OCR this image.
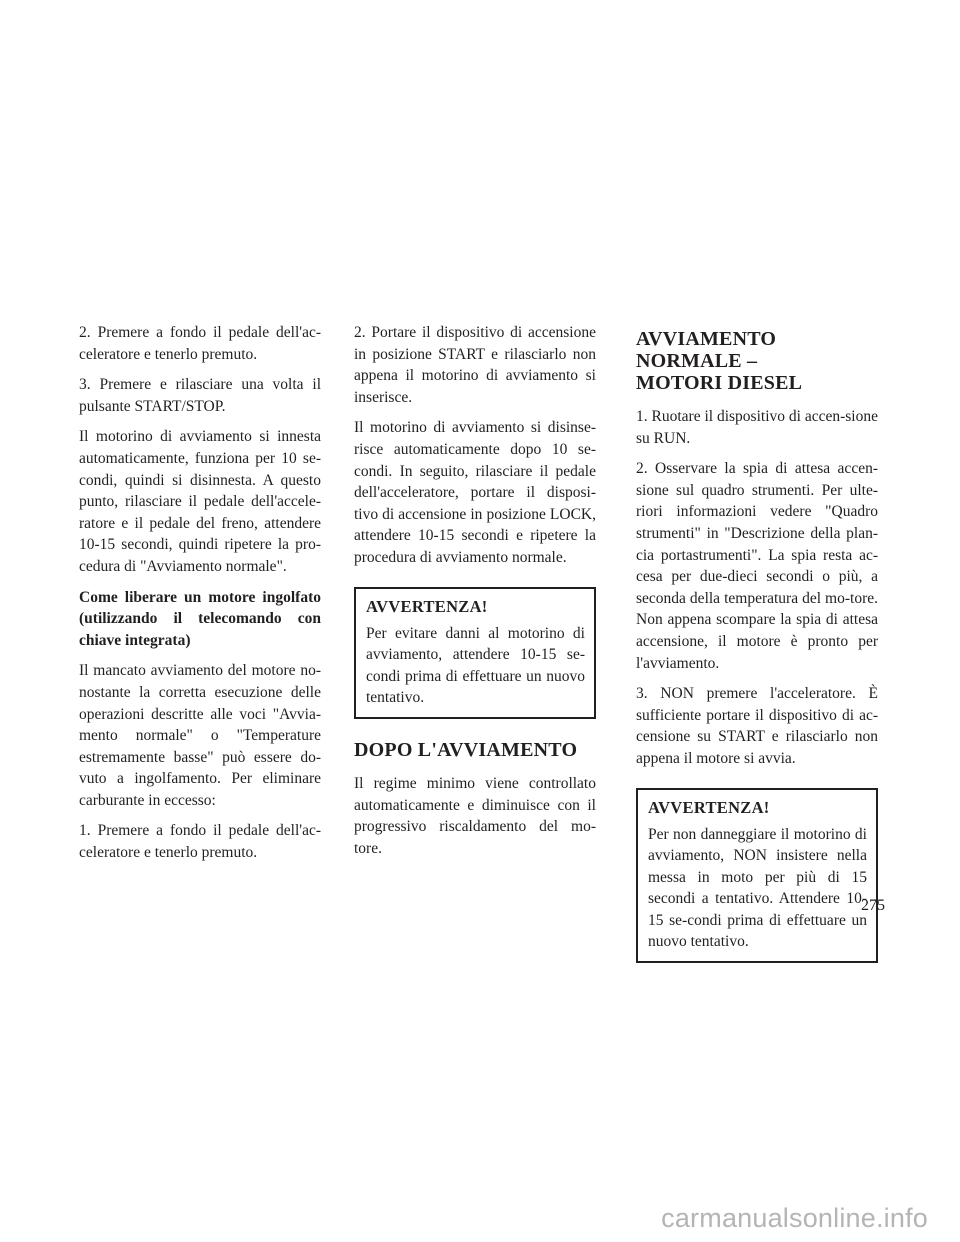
2. Premere a fondo il pedale dell'ac-celeratore e tenerlo premuto.

3. Premere e rilasciare una volta il pulsante START/STOP.

Il motorino di avviamento si innesta automaticamente, funziona per 10 se-condi, quindi si disinnesta. A questo punto, rilasciare il pedale dell'accele-ratore e il pedale del freno, attendere 10-15 secondi, quindi ripetere la pro-cedura di "Avviamento normale".

Come liberare un motore ingolfato (utilizzando il telecomando con chiave integrata)

Il mancato avviamento del motore no-nostante la corretta esecuzione delle operazioni descritte alle voci "Avvia-mento normale" o "Temperature estremamente basse" può essere do-vuto a ingolfamento. Per eliminare carburante in eccesso:

1. Premere a fondo il pedale dell'ac-celeratore e tenerlo premuto.

2. Portare il dispositivo di accensione in posizione START e rilasciarlo non appena il motorino di avviamento si inserisce.

Il motorino di avviamento si disinse-risce automaticamente dopo 10 se-condi. In seguito, rilasciare il pedale dell'acceleratore, portare il disposi-tivo di accensione in posizione LOCK, attendere 10-15 secondi e ripetere la procedura di avviamento normale.

AVVERTENZA!

Per evitare danni al motorino di avviamento, attendere 10-15 se-condi prima di effettuare un nuovo tentativo.

DOPO L'AVVIAMENTO

Il regime minimo viene controllato automaticamente e diminuisce con il progressivo riscaldamento del mo-tore.

AVVIAMENTO NORMALE –
MOTORI DIESEL

1. Ruotare il dispositivo di accen-sione su RUN.

2. Osservare la spia di attesa accen-sione sul quadro strumenti. Per ulte-riori informazioni vedere "Quadro strumenti" in "Descrizione della plan-cia portastrumenti". La spia resta ac-cesa per due-dieci secondi o più, a seconda della temperatura del mo-tore. Non appena scompare la spia di attesa accensione, il motore è pronto per l'avviamento.

3. NON premere l'acceleratore. È sufficiente portare il dispositivo di ac-censione su START e rilasciarlo non appena il motore si avvia.

AVVERTENZA!

Per non danneggiare il motorino di avviamento, NON insistere nella messa in moto per più di 15 secondi a tentativo. Attendere 10-15 se-condi prima di effettuare un nuovo tentativo.

275
carmanualsonline.info
